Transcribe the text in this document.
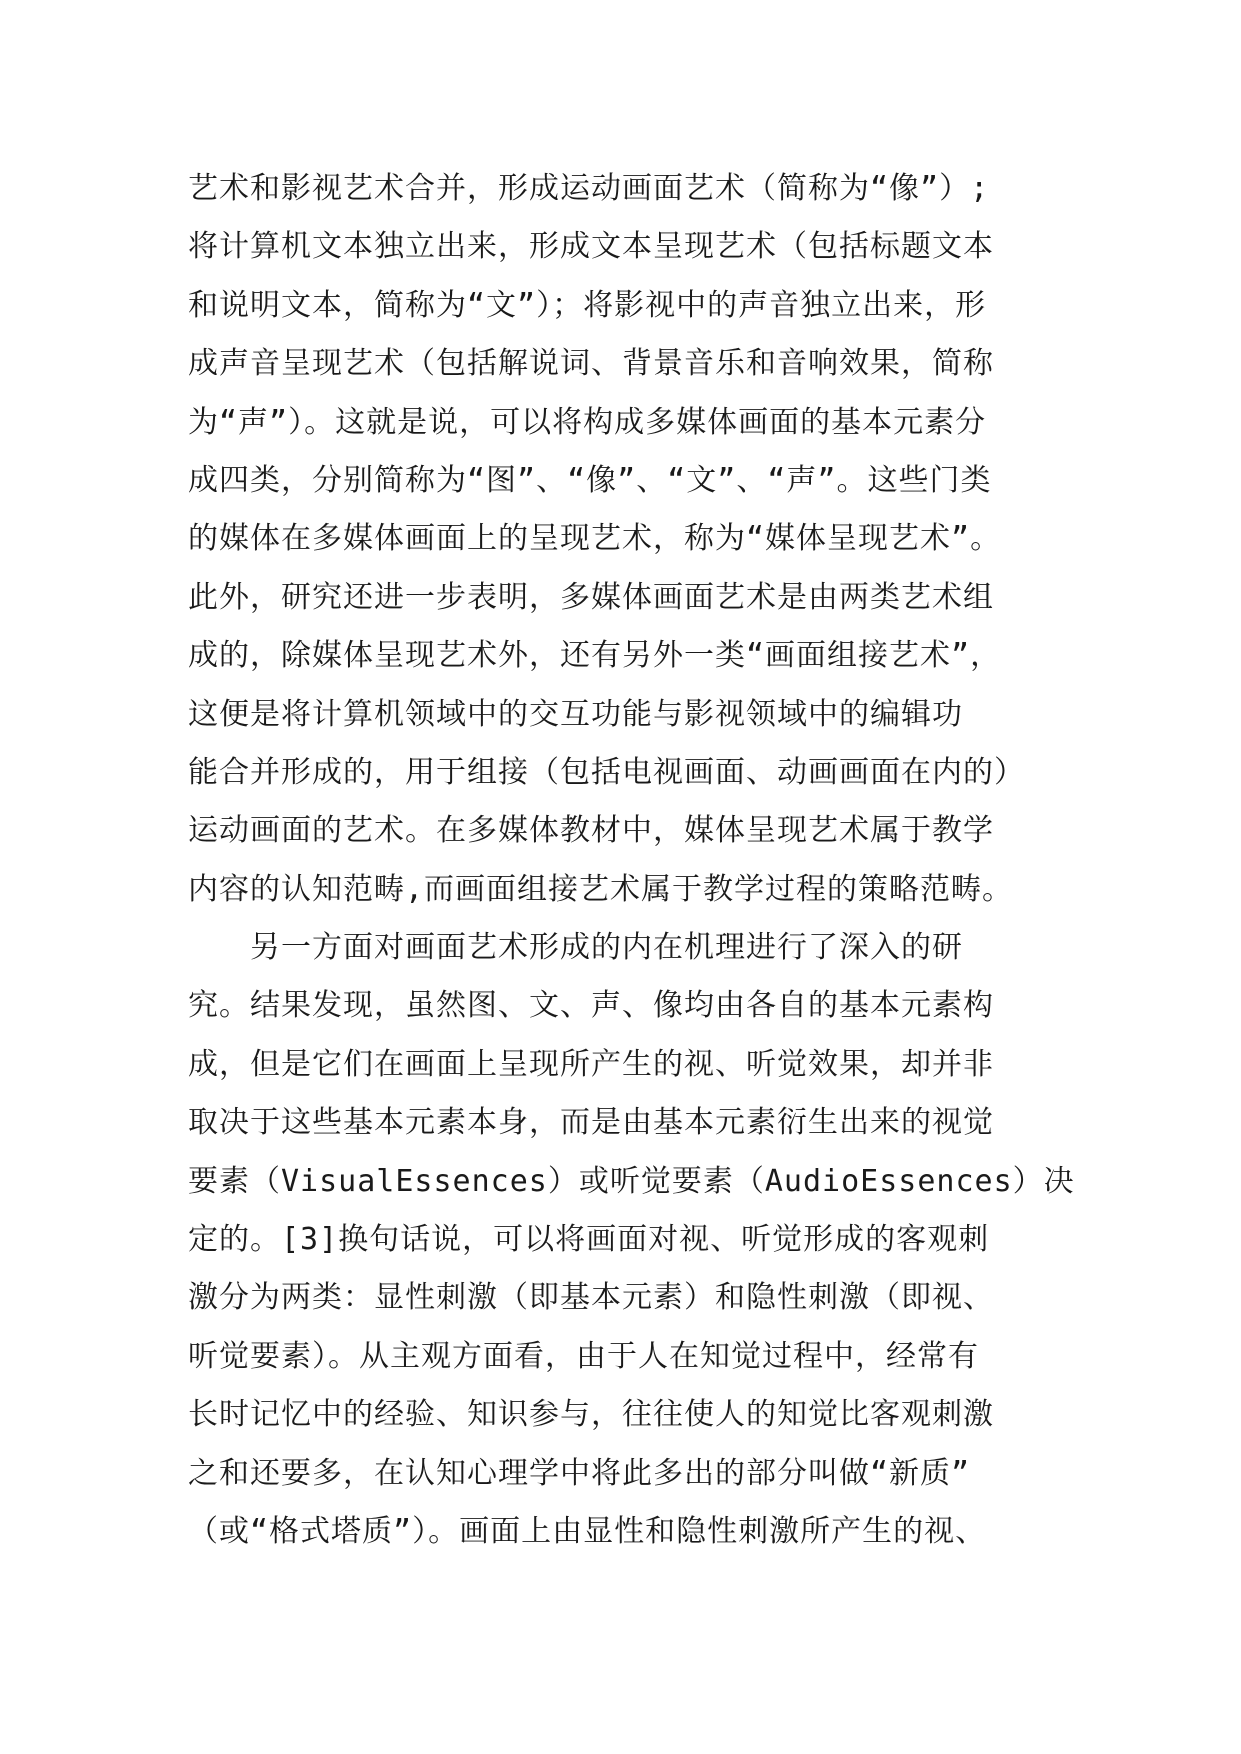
艺术和影视艺术合并，形成运动画面艺术（简称为“像”）;
将计算机文本独立出来，形成文本呈现艺术（包括标题文本
和说明文本，简称为“文”）；将影视中的声音独立出来，形
成声音呈现艺术（包括解说词、背景音乐和音响效果，简称
为“声”）。这就是说，可以将构成多媒体画面的基本元素分
成四类，分别简称为“图”、“像”、“文”、“声”。这些门类
的媒体在多媒体画面上的呈现艺术，称为“媒体呈现艺术”。
此外，研究还进一步表明，多媒体画面艺术是由两类艺术组
成的，除媒体呈现艺术外，还有另外一类“画面组接艺术”，
这便是将计算机领域中的交互功能与影视领域中的编辑功
能合并形成的，用于组接（包括电视画面、动画画面在内的）
运动画面的艺术。在多媒体教材中，媒体呈现艺术属于教学
内容的认知范畴,而画面组接艺术属于教学过程的策略范畴。
　　另一方面对画面艺术形成的内在机理进行了深入的研
究。结果发现，虽然图、文、声、像均由各自的基本元素构
成，但是它们在画面上呈现所产生的视、听觉效果，却并非
取决于这些基本元素本身，而是由基本元素衍生出来的视觉
要素（VisualEssences）或听觉要素（AudioEssences）决
定的。[3]换句话说，可以将画面对视、听觉形成的客观刺
激分为两类：显性刺激（即基本元素）和隐性刺激（即视、
听觉要素）。从主观方面看，由于人在知觉过程中，经常有
长时记忆中的经验、知识参与，往往使人的知觉比客观刺激
之和还要多，在认知心理学中将此多出的部分叫做“新质”
（或“格式塔质”）。画面上由显性和隐性刺激所产生的视、
